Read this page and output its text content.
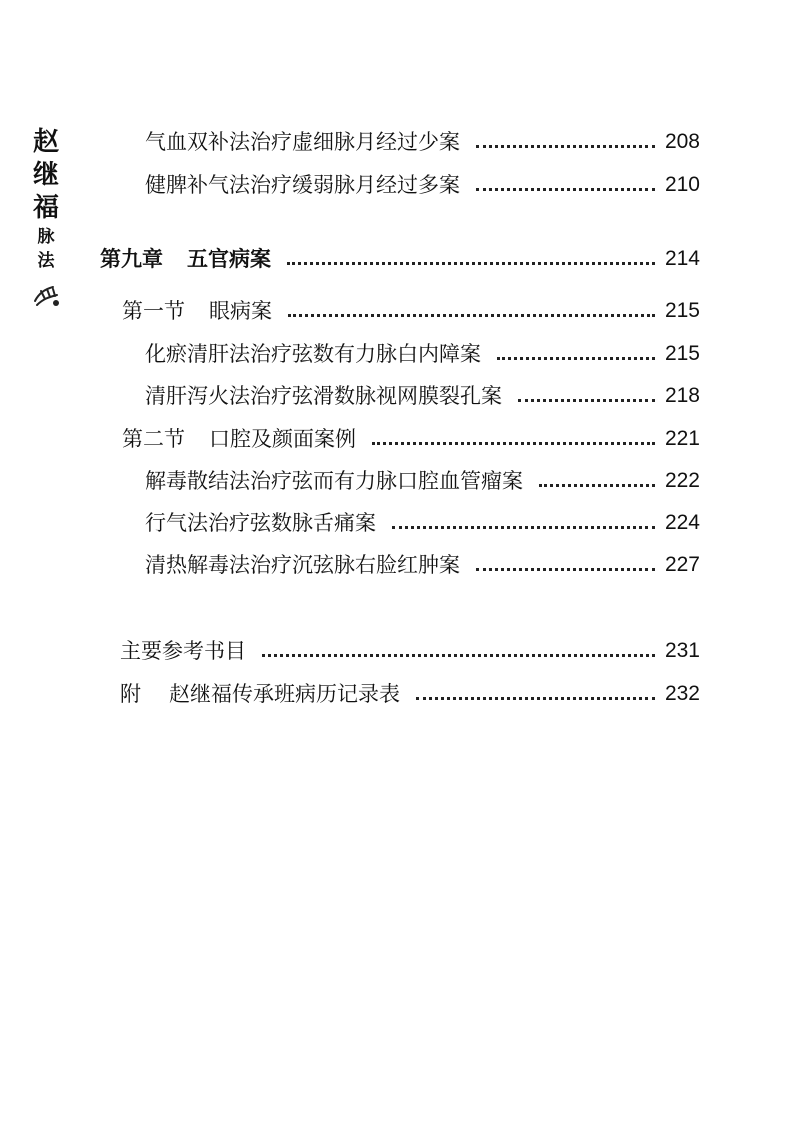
赵
继
福
脉
法
气血双补法治疗虚细脉月经过少案	208
健脾补气法治疗缓弱脉月经过多案	210
第九章 五官病案	214
第一节 眼病案	215
化瘀清肝法治疗弦数有力脉白内障案	215
清肝泻火法治疗弦滑数脉视网膜裂孔案	218
第二节 口腔及颜面案例	221
解毒散结法治疗弦而有力脉口腔血管瘤案	222
行气法治疗弦数脉舌痛案	224
清热解毒法治疗沉弦脉右脸红肿案	227
主要参考书目	231
附 赵继福传承班病历记录表	232
